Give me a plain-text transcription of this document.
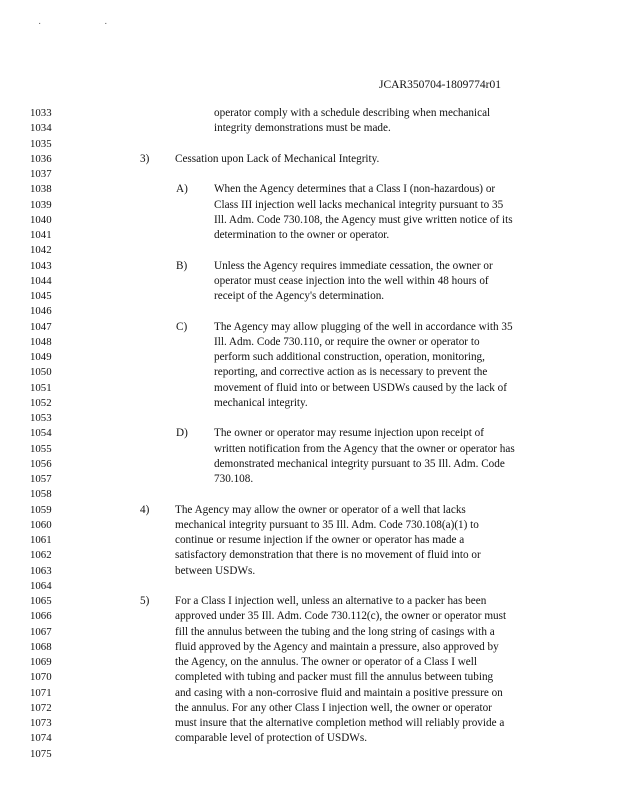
· ·
JCAR350704-1809774r01
1033	operator comply with a schedule describing when mechanical
1034	integrity demonstrations must be made.
1035
1036	3) Cessation upon Lack of Mechanical Integrity.
1037
1038	A) When the Agency determines that a Class I (non-hazardous) or
1039	Class III injection well lacks mechanical integrity pursuant to 35
1040	Ill. Adm. Code 730.108, the Agency must give written notice of its
1041	determination to the owner or operator.
1042
1043	B) Unless the Agency requires immediate cessation, the owner or
1044	operator must cease injection into the well within 48 hours of
1045	receipt of the Agency's determination.
1046
1047	C) The Agency may allow plugging of the well in accordance with 35
1048	Ill. Adm. Code 730.110, or require the owner or operator to
1049	perform such additional construction, operation, monitoring,
1050	reporting, and corrective action as is necessary to prevent the
1051	movement of fluid into or between USDWs caused by the lack of
1052	mechanical integrity.
1053
1054	D) The owner or operator may resume injection upon receipt of
1055	written notification from the Agency that the owner or operator has
1056	demonstrated mechanical integrity pursuant to 35 Ill. Adm. Code
1057	730.108.
1058
1059	4) The Agency may allow the owner or operator of a well that lacks
1060	mechanical integrity pursuant to 35 Ill. Adm. Code 730.108(a)(1) to
1061	continue or resume injection if the owner or operator has made a
1062	satisfactory demonstration that there is no movement of fluid into or
1063	between USDWs.
1064
1065	5) For a Class I injection well, unless an alternative to a packer has been
1066	approved under 35 Ill. Adm. Code 730.112(c), the owner or operator must
1067	fill the annulus between the tubing and the long string of casings with a
1068	fluid approved by the Agency and maintain a pressure, also approved by
1069	the Agency, on the annulus. The owner or operator of a Class I well
1070	completed with tubing and packer must fill the annulus between tubing
1071	and casing with a non-corrosive fluid and maintain a positive pressure on
1072	the annulus. For any other Class I injection well, the owner or operator
1073	must insure that the alternative completion method will reliably provide a
1074	comparable level of protection of USDWs.
1075
